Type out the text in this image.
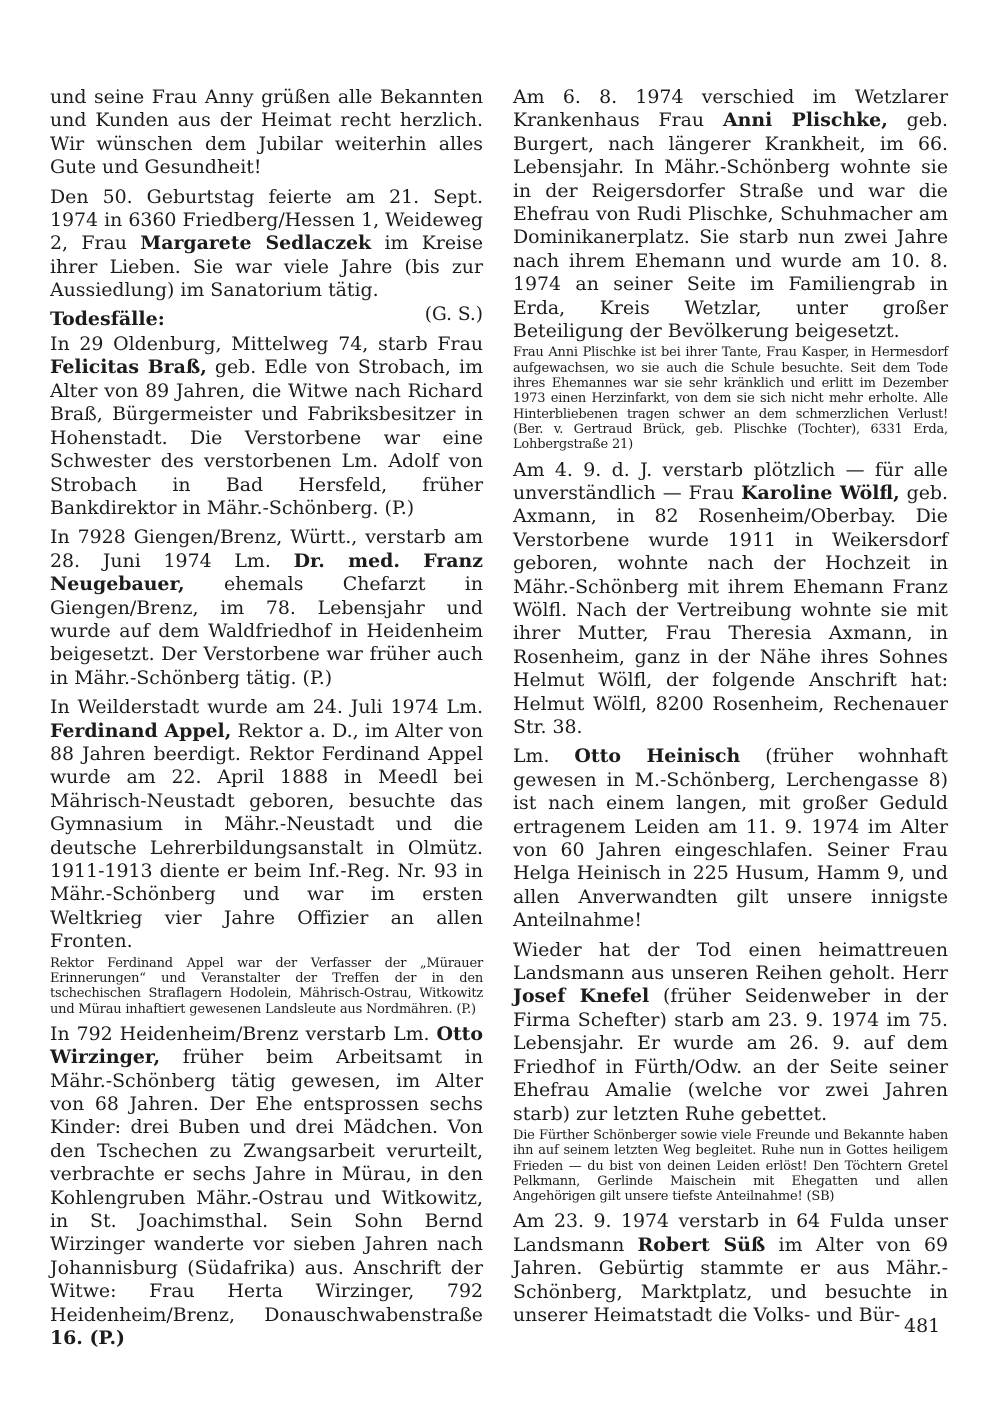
und seine Frau Anny grüßen alle Bekannten und Kunden aus der Heimat recht herzlich. Wir wünschen dem Jubilar weiterhin alles Gute und Gesundheit!

Den 50. Geburtstag feierte am 21. Sept. 1974 in 6360 Friedberg/Hessen 1, Weideweg 2, Frau Margarete Sedlaczek im Kreise ihrer Lieben. Sie war viele Jahre (bis zur Aussiedlung) im Sanatorium tätig.

(G. S.)

Todesfälle:

In 29 Oldenburg, Mittelweg 74, starb Frau Felicitas Braß, geb. Edle von Strobach, im Alter von 89 Jahren, die Witwe nach Richard Braß, Bürgermeister und Fabriksbesitzer in Hohenstadt. Die Verstorbene war eine Schwester des verstorbenen Lm. Adolf von Strobach in Bad Hersfeld, früher Bankdirektor in Mähr.-Schönberg. (P.)

In 7928 Giengen/Brenz, Württ., verstarb am 28. Juni 1974 Lm. Dr. med. Franz Neugebauer, ehemals Chefarzt in Giengen/Brenz, im 78. Lebensjahr und wurde auf dem Waldfriedhof in Heidenheim beigesetzt. Der Verstorbene war früher auch in Mähr.-Schönberg tätig. (P.)

In Weilderstadt wurde am 24. Juli 1974 Lm. Ferdinand Appel, Rektor a. D., im Alter von 88 Jahren beerdigt. Rektor Ferdinand Appel wurde am 22. April 1888 in Meedl bei Mährisch-Neustadt geboren, besuchte das Gymnasium in Mähr.-Neustadt und die deutsche Lehrerbildungsanstalt in Olmütz. 1911-1913 diente er beim Inf.-Reg. Nr. 93 in Mähr.-Schönberg und war im ersten Weltkrieg vier Jahre Offizier an allen Fronten.

Rektor Ferdinand Appel war der Verfasser der „Mürauer Erinnerungen“ und Veranstalter der Treffen der in den tschechischen Straflagern Hodolein, Mährisch-Ostrau, Witkowitz und Mürau inhaftiert gewesenen Landsleute aus Nordmähren. (P.)

In 792 Heidenheim/Brenz verstarb Lm. Otto Wirzinger, früher beim Arbeitsamt in Mähr.-Schönberg tätig gewesen, im Alter von 68 Jahren. Der Ehe entsprossen sechs Kinder: drei Buben und drei Mädchen. Von den Tschechen zu Zwangsarbeit verurteilt, verbrachte er sechs Jahre in Mürau, in den Kohlengruben Mähr.-Ostrau und Witkowitz, in St. Joachimsthal. Sein Sohn Bernd Wirzinger wanderte vor sieben Jahren nach Johannisburg (Südafrika) aus. Anschrift der Witwe: Frau Herta Wirzinger, 792 Heidenheim/Brenz, Donauschwabenstraße 16. (P.)

Am 6. 8. 1974 verschied im Wetzlarer Krankenhaus Frau Anni Plischke, geb. Burgert, nach längerer Krankheit, im 66. Lebensjahr. In Mähr.-Schönberg wohnte sie in der Reigersdorfer Straße und war die Ehefrau von Rudi Plischke, Schuhmacher am Dominikanerplatz. Sie starb nun zwei Jahre nach ihrem Ehemann und wurde am 10. 8. 1974 an seiner Seite im Familiengrab in Erda, Kreis Wetzlar, unter großer Beteiligung der Bevölkerung beigesetzt.

Frau Anni Plischke ist bei ihrer Tante, Frau Kasper, in Hermesdorf aufgewachsen, wo sie auch die Schule besuchte. Seit dem Tode ihres Ehemannes war sie sehr kränklich und erlitt im Dezember 1973 einen Herzinfarkt, von dem sie sich nicht mehr erholte. Alle Hinterbliebenen tragen schwer an dem schmerzlichen Verlust! (Ber. v. Gertraud Brück, geb. Plischke (Tochter), 6331 Erda, Lohbergstraße 21)

Am 4. 9. d. J. verstarb plötzlich — für alle unverständlich — Frau Karoline Wölfl, geb. Axmann, in 82 Rosenheim/Oberbay. Die Verstorbene wurde 1911 in Weikersdorf geboren, wohnte nach der Hochzeit in Mähr.-Schönberg mit ihrem Ehemann Franz Wölfl. Nach der Vertreibung wohnte sie mit ihrer Mutter, Frau Theresia Axmann, in Rosenheim, ganz in der Nähe ihres Sohnes Helmut Wölfl, der folgende Anschrift hat: Helmut Wölfl, 8200 Rosenheim, Rechenauer Str. 38.

Lm. Otto Heinisch (früher wohnhaft gewesen in M.-Schönberg, Lerchengasse 8) ist nach einem langen, mit großer Geduld ertragenem Leiden am 11. 9. 1974 im Alter von 60 Jahren eingeschlafen. Seiner Frau Helga Heinisch in 225 Husum, Hamm 9, und allen Anverwandten gilt unsere innigste Anteilnahme!

Wieder hat der Tod einen heimattreuen Landsmann aus unseren Reihen geholt. Herr Josef Knefel (früher Seidenweber in der Firma Schefter) starb am 23. 9. 1974 im 75. Lebensjahr. Er wurde am 26. 9. auf dem Friedhof in Fürth/Odw. an der Seite seiner Ehefrau Amalie (welche vor zwei Jahren starb) zur letzten Ruhe gebettet.

Die Fürther Schönberger sowie viele Freunde und Bekannte haben ihn auf seinem letzten Weg begleitet. Ruhe nun in Gottes heiligem Frieden — du bist von deinen Leiden erlöst! Den Töchtern Gretel Pelkmann, Gerlinde Maischein mit Ehegatten und allen Angehörigen gilt unsere tiefste Anteilnahme! (SB)

Am 23. 9. 1974 verstarb in 64 Fulda unser Landsmann Robert Süß im Alter von 69 Jahren. Gebürtig stammte er aus Mähr.-Schönberg, Marktplatz, und besuchte in unserer Heimatstadt die Volks- und Bür- 481
